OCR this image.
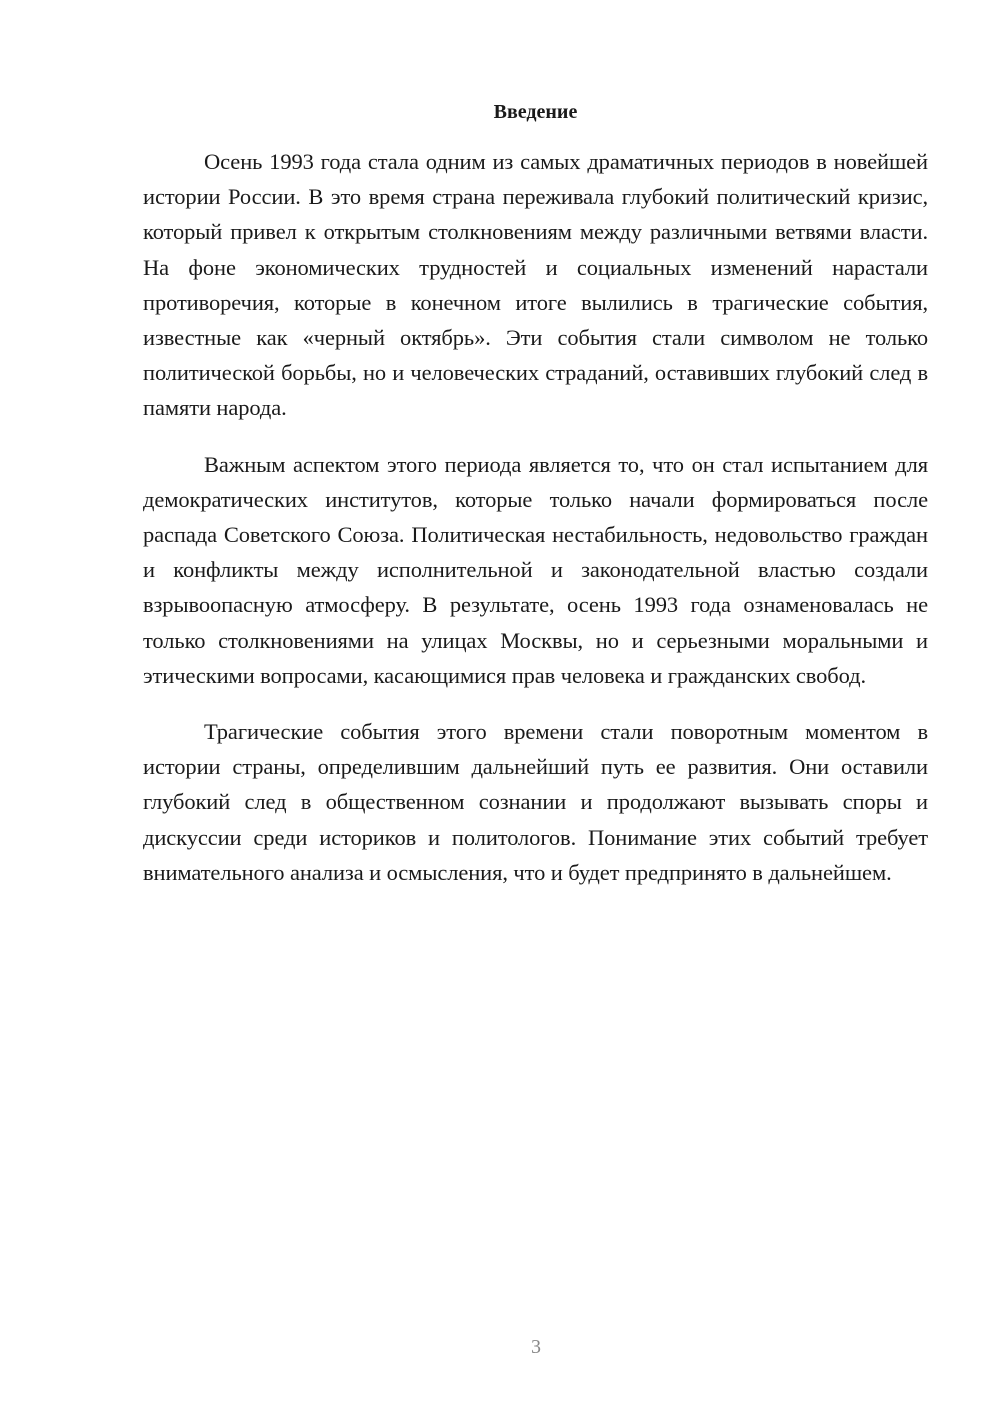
Введение

Осень 1993 года стала одним из самых драматичных периодов в новейшей истории России. В это время страна переживала глубокий политический кризис, который привел к открытым столкновениям между различными ветвями власти. На фоне экономических трудностей и социальных изменений нарастали противоречия, которые в конечном итоге вылились в трагические события, известные как «черный октябрь». Эти события стали символом не только политической борьбы, но и человеческих страданий, оставивших глубокий след в памяти народа.

Важным аспектом этого периода является то, что он стал испытанием для демократических институтов, которые только начали формироваться после распада Советского Союза. Политическая нестабильность, недовольство граждан и конфликты между исполнительной и законодательной властью создали взрывоопасную атмосферу. В результате, осень 1993 года ознаменовалась не только столкновениями на улицах Москвы, но и серьезными моральными и этическими вопросами, касающимися прав человека и гражданских свобод.

Трагические события этого времени стали поворотным моментом в истории страны, определившим дальнейший путь ее развития. Они оставили глубокий след в общественном сознании и продолжают вызывать споры и дискуссии среди историков и политологов. Понимание этих событий требует внимательного анализа и осмысления, что и будет предпринято в дальнейшем.

3
